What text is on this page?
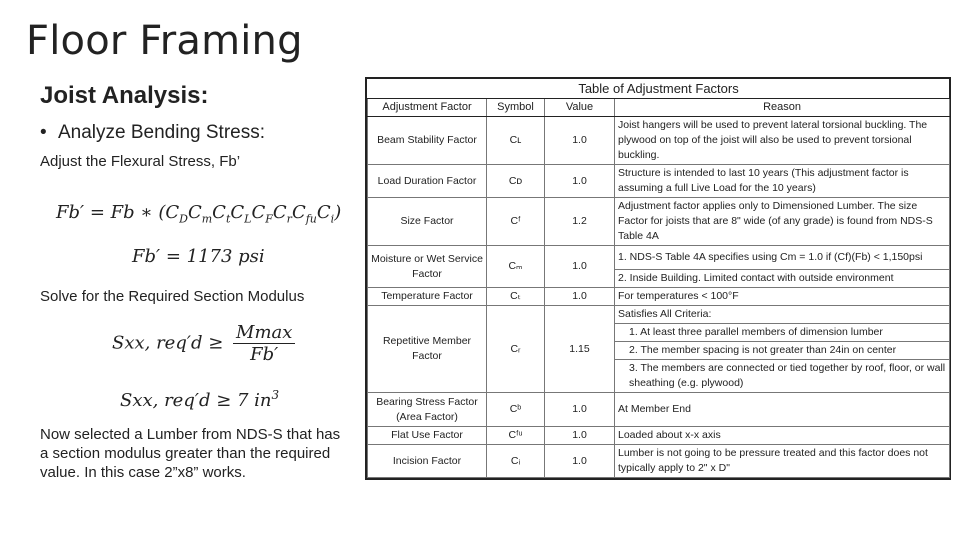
Floor Framing
Joist Analysis:
• Analyze Bending Stress:
Adjust the Flexural Stress, Fb’
Fb′ = Fb ∗ $(C_DC_mC_tC_LC_FC_rC_{fu}C_i)$
Fb′ = 1173 psi
Solve for the Required Section Modulus
Sxx, $req'd \ge \frac{Mmax}{Fb'}$
Sxx, req′d ≥ 7 $in^3$
Now selected a Lumber from NDS-S that has a section modulus greater than the required value. In this case 2”x8” works.
Table of Adjustment Factors			
Adjustment Factor	Symbol	Value	Reason
Beam Stability Factor	Cʟ	1.0	Joist hangers will be used to prevent lateral torsional buckling. The plywood on top of the joist will also be used to prevent torsional buckling.
Load Duration Factor	Cᴅ	1.0	Structure is intended to last 10 years (This adjustment factor is assuming a full Live Load for the 10 years)
Size Factor	Cᶠ	1.2	Adjustment factor applies only to Dimensioned Lumber. The size Factor for joists that are 8" wide (of any grade) is found from NDS-S Table 4A
Moisture or Wet Service Factor	Cₘ	1.0	1. NDS-S Table 4A specifies using Cm = 1.0 if (Cf)(Fb) < 1,150psi
			2. Inside Building. Limited contact with outside environment
Temperature Factor	Cₜ	1.0	For temperatures < 100°F
Repetitive Member Factor	Cᵣ	1.15	Satisfies All Criteria:
			1. At least three parallel members of dimension lumber
			2. The member spacing is not greater than 24in on center
			3. The members are connected or tied together by roof, floor, or wall sheathing (e.g. plywood)
Bearing Stress Factor (Area Factor)	Cᵇ	1.0	At Member End
Flat Use Factor	Cᶠᵘ	1.0	Loaded about x-x axis
Incision Factor	Cᵢ	1.0	Lumber is not going to be pressure treated and this factor does not typically apply to 2" x D"
